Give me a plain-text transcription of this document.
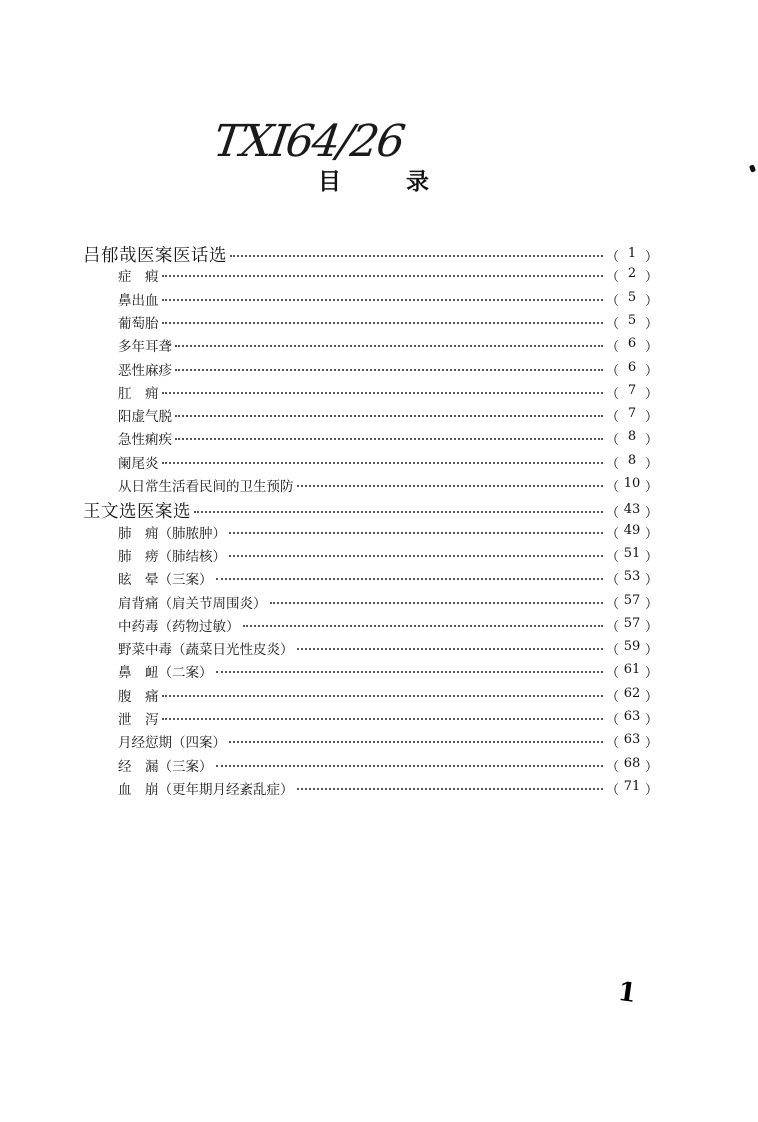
TXI64/26
目	录
吕郁哉医案医话选	（ 1 ）
症　瘕	（ 2 ）
鼻出血	（ 5 ）
葡萄胎	（ 5 ）
多年耳聋	（ 6 ）
恶性麻疹	（ 6 ）
肛　痈	（ 7 ）
阳虚气脱	（ 7 ）
急性痢疾	（ 8 ）
阑尾炎	（ 8 ）
从日常生活看民间的卫生预防	（ 10 ）
王文选医案选	（ 43 ）
肺　痈（肺脓肿）	（ 49 ）
肺　痨（肺结核）	（ 51 ）
眩　晕（三案）	（ 53 ）
肩背痛（肩关节周围炎）	（ 57 ）
中药毒（药物过敏）	（ 57 ）
野菜中毒（蔬菜日光性皮炎）	（ 59 ）
鼻　衄（二案）	（ 61 ）
腹　痛	（ 62 ）
泄　泻	（ 63 ）
月经愆期（四案）	（ 63 ）
经　漏（三案）	（ 68 ）
血　崩（更年期月经紊乱症）	（ 71 ）
1
